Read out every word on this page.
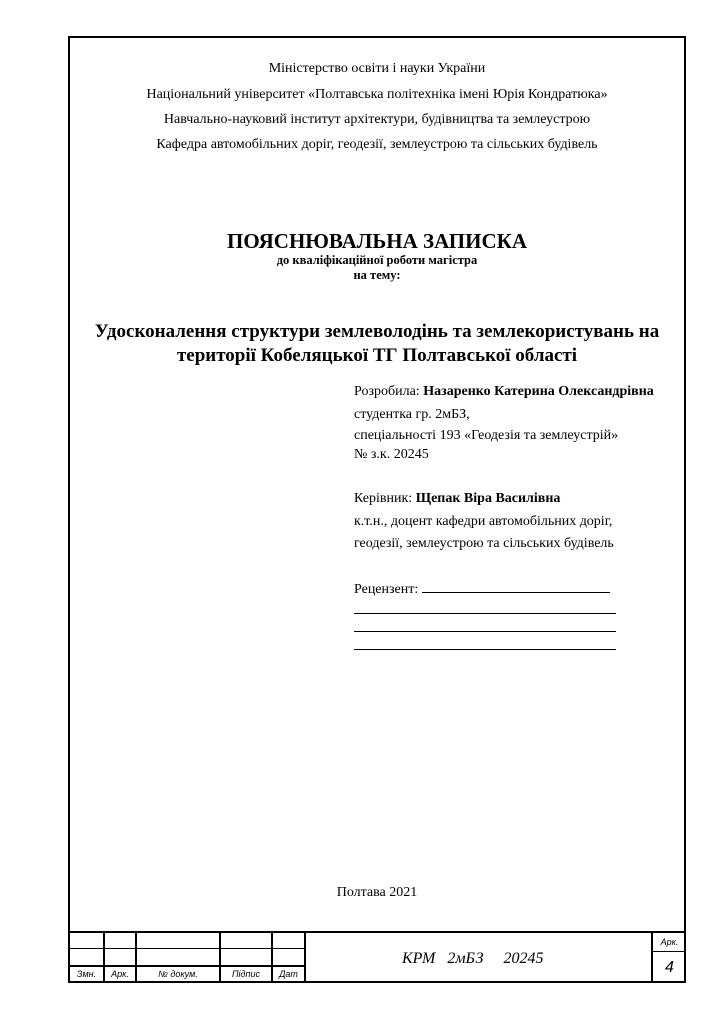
Міністерство освіти і науки України
Національний університет «Полтавська політехніка імені Юрія Кондратюка»
Навчально-науковий інститут архітектури, будівництва та землеустрою
Кафедра автомобільних доріг, геодезії, землеустрою та сільських будівель
ПОЯСНЮВАЛЬНА ЗАПИСКА
до кваліфікаційної роботи магістра
на тему:
Удосконалення структури землеволодінь та землекористувань на
території Кобеляцької ТГ Полтавської області
Розробила: Назаренко Катерина Олександрівна
студентка гр. 2мБЗ,
спеціальності 193 «Геодезія та землеустрій»
№ з.к. 20245
Керівник: Щепак Віра Василівна
к.т.н., доцент кафедри автомобільних доріг,
геодезії, землеустрою та сільських будівель
Рецензент:
Полтава 2021
Змн.	Арк.	№ докум.	Підпис	Дат
КРМ   2мБЗ     20245
Арк.
4
